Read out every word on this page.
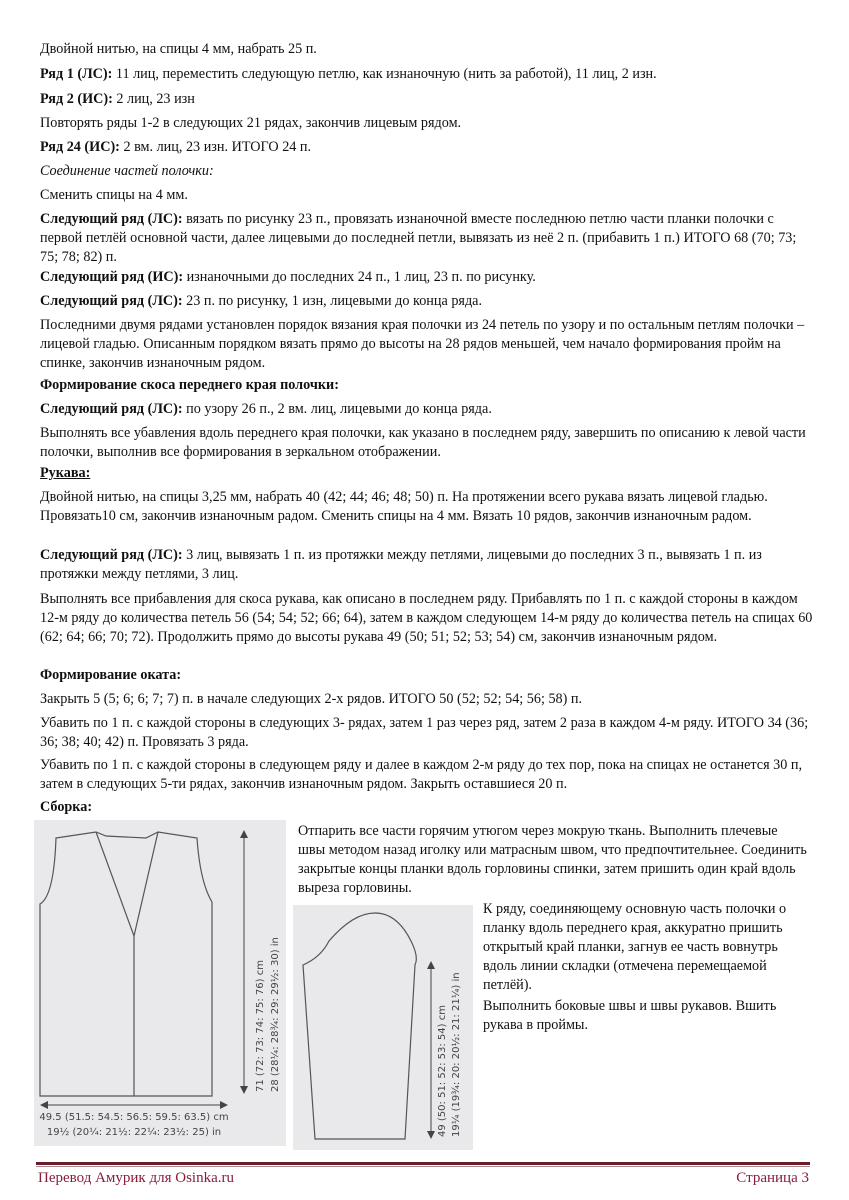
Двойной нитью, на спицы 4 мм, набрать 25 п.

Ряд 1 (ЛС): 11 лиц, переместить следующую петлю, как изнаночную (нить за работой), 11 лиц, 2 изн.

Ряд 2 (ИС): 2 лиц, 23 изн

Повторять ряды 1-2 в следующих 21 рядах, закончив лицевым рядом.

Ряд 24 (ИС): 2 вм. лиц, 23 изн. ИТОГО 24 п.

Соединение частей полочки:

Сменить спицы на 4 мм.

Следующий ряд (ЛС): вязать по рисунку 23 п., провязать изнаночной вместе последнюю петлю части планки полочки с первой петлёй основной части, далее лицевыми до последней петли, вывязать из неё 2 п. (прибавить 1 п.) ИТОГО 68 (70; 73; 75; 78; 82) п.

Следующий ряд (ИС): изнаночными до последних 24 п., 1 лиц, 23 п. по рисунку.

Следующий ряд (ЛС): 23 п. по рисунку, 1 изн, лицевыми до конца ряда.

Последними двумя рядами установлен порядок вязания края полочки из 24 петель по узору и по остальным петлям полочки – лицевой гладью. Описанным порядком вязать прямо до высоты на 28 рядов меньшей, чем начало формирования пройм на спинке, закончив изнаночным рядом.

Формирование скоса переднего края полочки:

Следующий ряд (ЛС): по узору 26 п., 2 вм. лиц, лицевыми до конца ряда.

Выполнять все убавления вдоль переднего края полочки, как указано в последнем ряду, завершить по описанию к левой части полочки, выполнив все формирования в зеркальном отображении.

Рукава:

Двойной нитью, на спицы 3,25 мм, набрать 40 (42; 44; 46; 48; 50) п. На протяжении всего рукава вязать лицевой гладью. Провязать10 см, закончив изнаночным радом. Сменить спицы на 4 мм. Вязать 10 рядов, закончив изнаночным радом.

Следующий ряд (ЛС): 3 лиц, вывязать 1 п. из протяжки между петлями, лицевыми до последних 3 п., вывязать 1 п. из протяжки между петлями, 3 лиц.

Выполнять все прибавления для скоса рукава, как описано в последнем ряду. Прибавлять по 1 п. с каждой стороны в каждом 12-м ряду до количества петель 56 (54; 54; 52; 66; 64), затем в каждом следующем 14-м ряду до количества петель на спицах 60 (62; 64; 66; 70; 72). Продолжить прямо до высоты рукава 49 (50; 51; 52; 53; 54) см, закончив изнаночным рядом.

Формирование оката:

Закрыть 5 (5; 6; 6; 7; 7) п. в начале следующих 2-х рядов. ИТОГО 50 (52; 52; 54; 56; 58) п.

Убавить по 1 п. с каждой стороны в следующих 3- рядах, затем 1 раз через ряд, затем 2 раза в каждом 4-м ряду. ИТОГО 34 (36; 36; 38; 40; 42) п. Провязать 3 ряда.

Убавить по 1 п. с каждой стороны в следующем ряду и далее в каждом 2-м ряду до тех пор, пока на спицах не останется 30 п, затем в следующих 5-ти рядах, закончив изнаночным рядом. Закрыть оставшиеся 20 п.

Сборка:

49.5 (51.5: 54.5: 56.5: 59.5: 63.5) cm
19½ (20¼: 21½: 22¼: 23½: 25) in
71 (72: 73: 74: 75: 76) cm 28 (28¼: 28¾: 29: 29½: 30) in

Отпарить все части горячим утюгом через мокрую ткань. Выполнить плечевые швы методом назад иголку или матрасным швом, что предпочтительнее. Соединить закрытые концы планки вдоль горловины спинки, затем пришить один край вдоль выреза горловины.

49 (50: 51: 52: 53: 54) cm 19¼ (19¾: 20: 20½: 21: 21¼) in

К ряду, соединяющему основную часть полочки о планку вдоль переднего края, аккуратно пришить открытый край планки, загнув ее часть вовнутрь вдоль линии складки (отмечена перемещаемой петлёй).

Выполнить боковые швы и швы рукавов. Вшить рукава в проймы.

Перевод Амурик для Osinka.ru	Страница 3
